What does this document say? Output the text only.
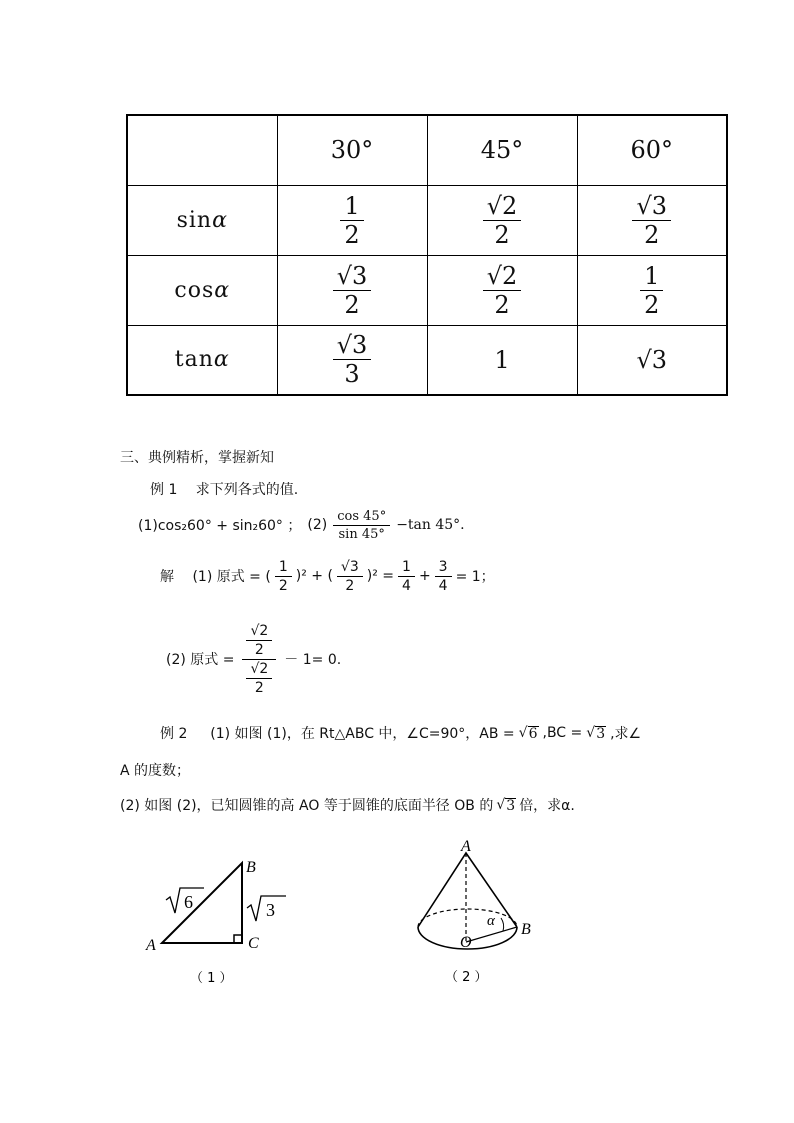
	30°	45°	60°
sinα	$\frac{1}{2}$	$\frac{√2}{2}$	$\frac{√3}{2}$

cosα	$\frac{√3}{2}$	$\frac{√2}{2}$	$\frac{1}{2}$

tanα	$\frac{√3}{3}$	1	√3
三、典例精析，掌握新知
例 1 　求下列各式的值.
(1)cos₂60° + sin₂60° ； $(2) \frac{\cos 45^\circ}{\sin 45^\circ} -\tan$ 45°.
解 　(1) 原式 = ( $\frac{1}{2} )^2$ + ( $\frac{√3}{2} )^2 = \frac{1}{4} + \frac{3}{4} = 1$；
(2) 原式 = $\frac{\frac{√2}{2}}{\frac{√2}{2}} - 1= 0$.
例 2 　 (1) 如图 (1)，在 Rt△ABC 中，∠C=90°，AB = √ 6 ,BC = √ 3 ,求∠
A 的度数；
(2) 如图 (2)，已知圆锥的高 AO 等于圆锥的底面半径 OB 的 √ 3 倍，求α.
A
B
C
6	3
（ 1 ）
A
B
O
α
（ 2 ）
